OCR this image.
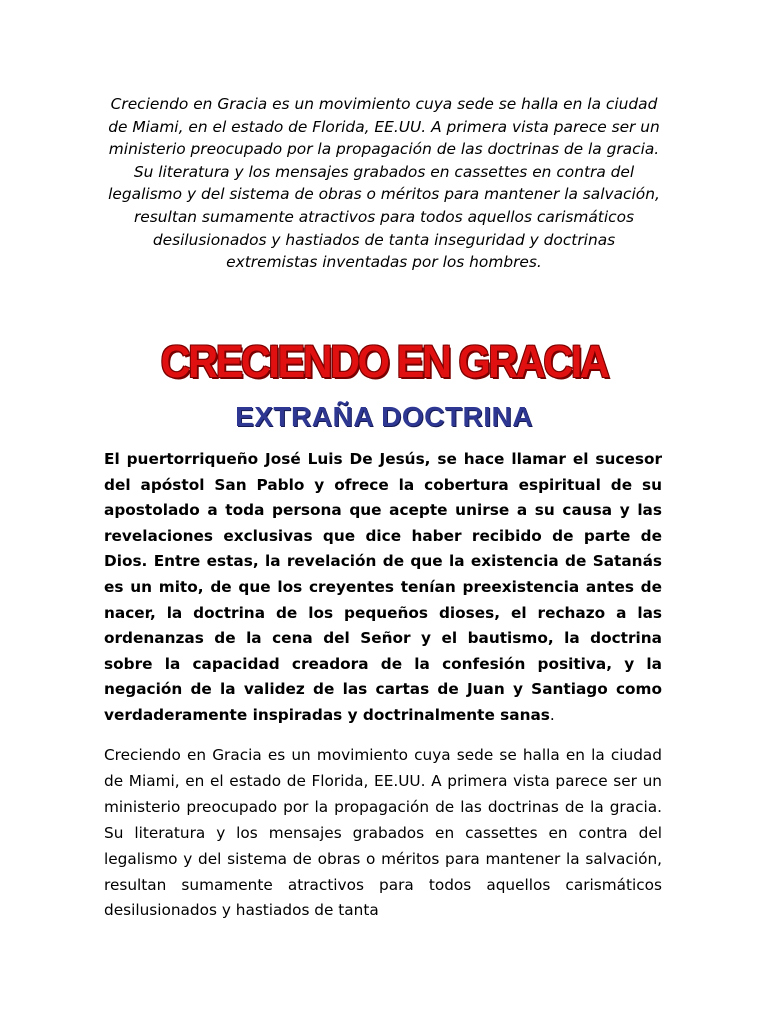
Creciendo en Gracia es un movimiento cuya sede se halla en la ciudad de Miami, en el estado de Florida, EE.UU. A primera vista parece ser un ministerio preocupado por la propagación de las doctrinas de la gracia. Su literatura y los mensajes grabados en cassettes en contra del legalismo y del sistema de obras o méritos para mantener la salvación, resultan sumamente atractivos para todos aquellos carismáticos desilusionados y hastiados de tanta inseguridad y doctrinas extremistas inventadas por los hombres.

CRECIENDO EN GRACIA
EXTRAÑA DOCTRINA

El puertorriqueño José Luis De Jesús, se hace llamar el sucesor del apóstol San Pablo y ofrece la cobertura espiritual de su apostolado a toda persona que acepte unirse a su causa y las revelaciones exclusivas que dice haber recibido de parte de Dios. Entre estas, la revelación de que la existencia de Satanás es un mito, de que los creyentes tenían preexistencia antes de nacer, la doctrina de los pequeños dioses, el rechazo a las ordenanzas de la cena del Señor y el bautismo, la doctrina sobre la capacidad creadora de la confesión positiva, y la negación de la validez de las cartas de Juan y Santiago como verdaderamente inspiradas y doctrinalmente sanas.

Creciendo en Gracia es un movimiento cuya sede se halla en la ciudad de Miami, en el estado de Florida, EE.UU. A primera vista parece ser un ministerio preocupado por la propagación de las doctrinas de la gracia. Su literatura y los mensajes grabados en cassettes en contra del legalismo y del sistema de obras o méritos para mantener la salvación, resultan sumamente atractivos para todos aquellos carismáticos desilusionados y hastiados de tanta
